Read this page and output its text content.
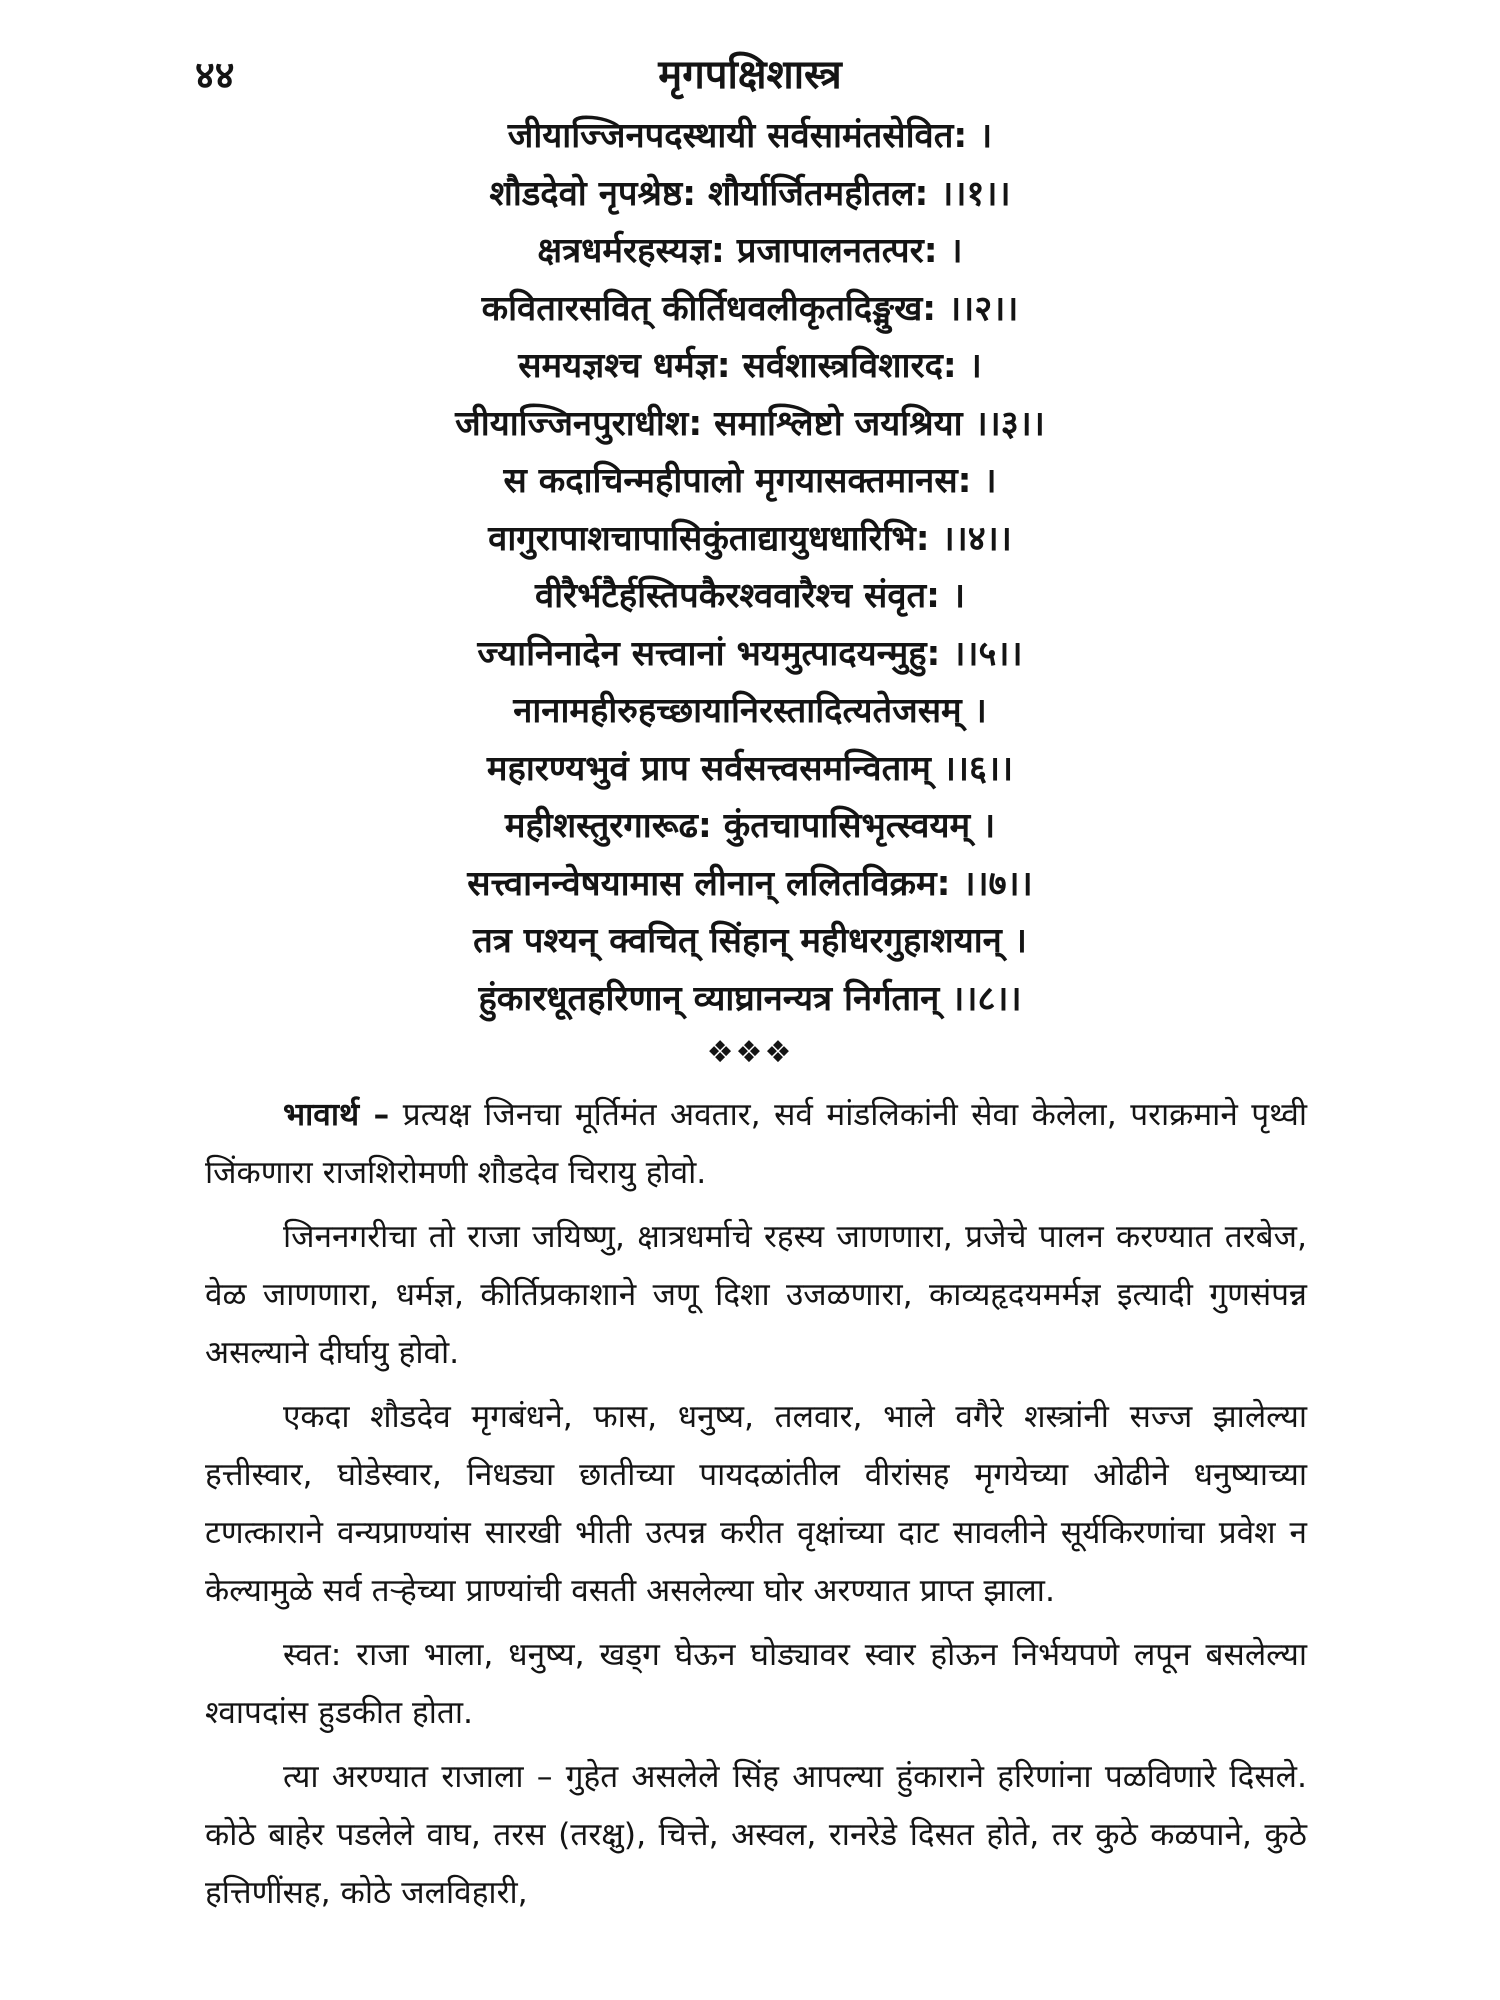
४४	मृगपक्षिशास्त्र
जीयाज्जिनपदस्थायी सर्वसामंतसेवित: ।
शौडदेवो नृपश्रेष्ठ: शौर्यार्जितमहीतल: ।।१।।
क्षत्रधर्मरहस्यज्ञ: प्रजापालनतत्पर: ।
कवितारसवित् कीर्तिधवलीकृतदिङ्मुख: ।।२।।
समयज्ञश्च धर्मज्ञ: सर्वशास्त्रविशारद: ।
जीयाज्जिनपुराधीश: समाश्लिष्टो जयश्रिया ।।३।।
स कदाचिन्महीपालो मृगयासक्तमानस: ।
वागुरापाशचापासिकुंताद्यायुधधारिभि: ।।४।।
वीरैर्भटैर्हस्तिपकैरश्ववारैश्च संवृत: ।
ज्यानिनादेन सत्त्वानां भयमुत्पादयन्मुहु: ।।५।।
नानामहीरुहच्छायानिरस्तादित्यतेजसम् ।
महारण्यभुवं प्राप सर्वसत्त्वसमन्विताम् ।।६।।
महीशस्तुरगारूढ: कुंतचापासिभृत्स्वयम् ।
सत्त्वानन्वेषयामास लीनान् ललितविक्रम: ।।७।।
तत्र पश्यन् क्वचित् सिंहान् महीधरगुहाशयान् ।
हुंकारधूतहरिणान् व्याघ्रानन्यत्र निर्गतान् ।।८।।
❖❖❖

भावार्थ – प्रत्यक्ष जिनचा मूर्तिमंत अवतार, सर्व मांडलिकांनी सेवा केलेला, पराक्रमाने पृथ्वी जिंकणारा राजशिरोमणी शौडदेव चिरायु होवो.

जिननगरीचा तो राजा जयिष्णु, क्षात्रधर्माचे रहस्य जाणणारा, प्रजेचे पालन करण्यात तरबेज, वेळ जाणणारा, धर्मज्ञ, कीर्तिप्रकाशाने जणू दिशा उजळणारा, काव्यहृदयमर्मज्ञ इत्यादी गुणसंपन्न असल्याने दीर्घायु होवो.

एकदा शौडदेव मृगबंधने, फास, धनुष्य, तलवार, भाले वगैरे शस्त्रांनी सज्ज झालेल्या हत्तीस्वार, घोडेस्वार, निधड्या छातीच्या पायदळांतील वीरांसह मृगयेच्या ओढीने धनुष्याच्या टणत्काराने वन्यप्राण्यांस सारखी भीती उत्पन्न करीत वृक्षांच्या दाट सावलीने सूर्यकिरणांचा प्रवेश न केल्यामुळे सर्व तऱ्हेच्या प्राण्यांची वसती असलेल्या घोर अरण्यात प्राप्त झाला.

स्वत: राजा भाला, धनुष्य, खड्ग घेऊन घोड्यावर स्वार होऊन निर्भयपणे लपून बसलेल्या श्वापदांस हुडकीत होता.

त्या अरण्यात राजाला – गुहेत असलेले सिंह आपल्या हुंकाराने हरिणांना पळविणारे दिसले. कोठे बाहेर पडलेले वाघ, तरस (तरक्षु), चित्ते, अस्वल, रानरेडे दिसत होते, तर कुठे कळपाने, कुठे हत्तिणींसह, कोठे जलविहारी,
